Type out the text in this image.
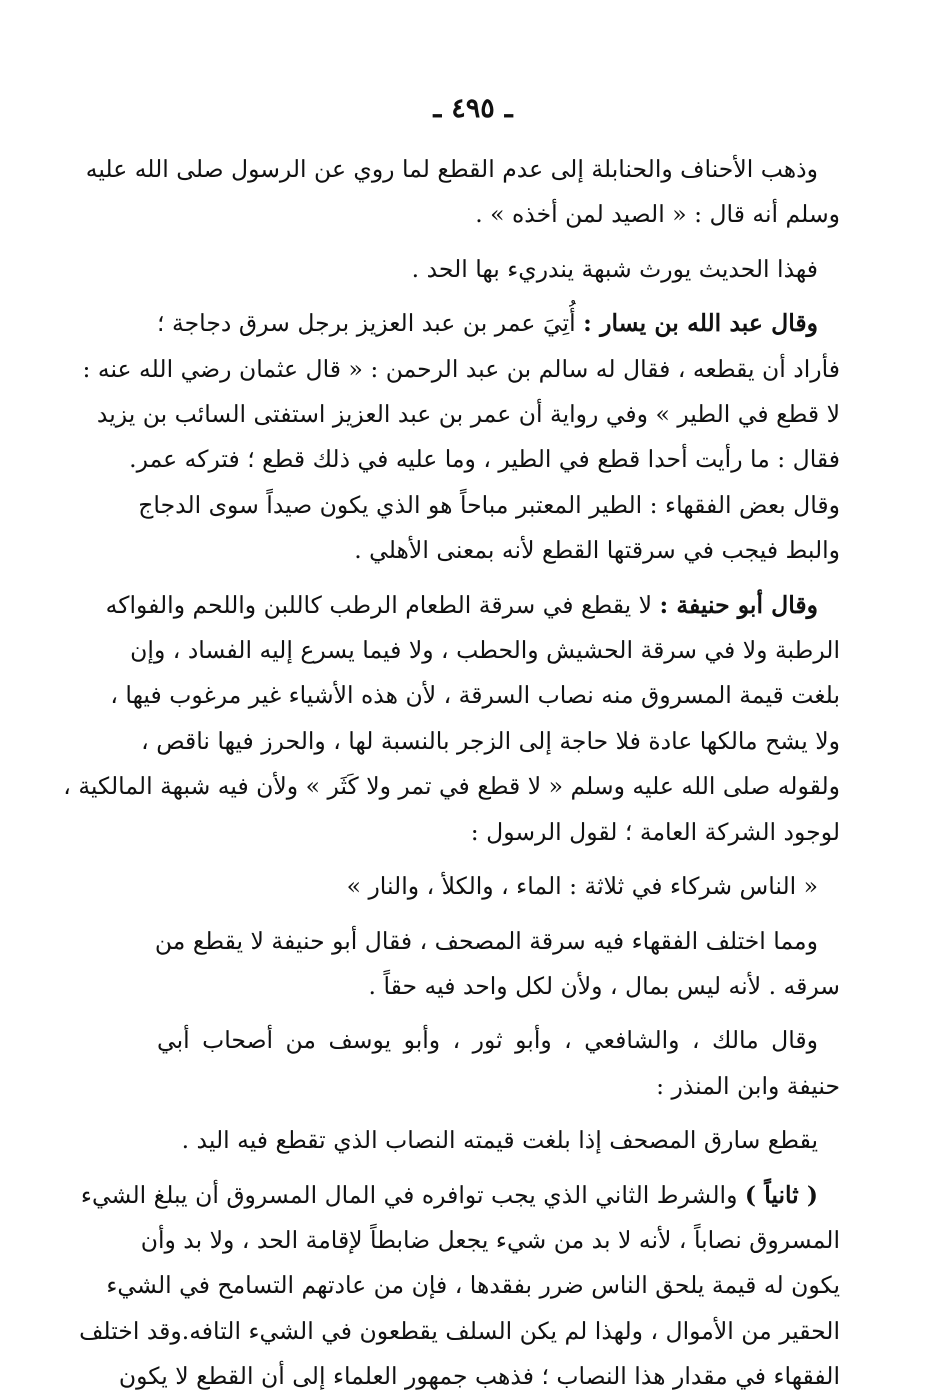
ـ٤٩٥ـ
وذهب الأحناف والحنابلة إلى عدم القطع لما روي عن الرسول صلى الله عليه
وسلم أنه قال : « الصيد لمن أخذه » .
فهذا الحديث يورث شبهة يندريء بها الحد .
وقال عبد الله بن يسار : أُتِيَ عمر بن عبد العزيز برجل سرق دجاجة ؛
فأراد أن يقطعه ، فقال له سالم بن عبد الرحمن : « قال عثمان رضي الله عنه :
لا قطع في الطير » وفي رواية أن عمر بن عبد العزيز استفتى السائب بن يزيد
فقال : ما رأيت أحدا قطع في الطير ، وما عليه في ذلك قطع ؛ فتركه عمر.
وقال بعض الفقهاء : الطير المعتبر مباحاً هو الذي يكون صيداً سوى الدجاج
والبط فيجب في سرقتها القطع لأنه بمعنى الأهلي .
وقال أبو حنيفة : لا يقطع في سرقة الطعام الرطب كاللبن واللحم والفواكه
الرطبة ولا في سرقة الحشيش والحطب ، ولا فيما يسرع إليه الفساد ، وإن
بلغت قيمة المسروق منه نصاب السرقة ، لأن هذه الأشياء غير مرغوب فيها ،
ولا يشح مالكها عادة فلا حاجة إلى الزجر بالنسبة لها ، والحرز فيها ناقص ،
ولقوله صلى الله عليه وسلم « لا قطع في تمر ولا كَثَر » ولأن فيه شبهة المالكية ،
لوجود الشركة العامة ؛ لقول الرسول :
« الناس شركاء في ثلاثة : الماء ، والكلأ ، والنار »
ومما اختلف الفقهاء فيه سرقة المصحف ، فقال أبو حنيفة لا يقطع من
سرقه . لأنه ليس بمال ، ولأن لكل واحد فيه حقاً .
وقال مالك ، والشافعي ، وأبو ثور ، وأبو يوسف من أصحاب أبي
حنيفة وابن المنذر :
يقطع سارق المصحف إذا بلغت قيمته النصاب الذي تقطع فيه اليد .
( ثانياً ) والشرط الثاني الذي يجب توافره في المال المسروق أن يبلغ الشيء
المسروق نصاباً ، لأنه لا بد من شيء يجعل ضابطاً لإقامة الحد ، ولا بد وأن
يكون له قيمة يلحق الناس ضرر بفقدها ، فإن من عادتهم التسامح في الشيء
الحقير من الأموال ، ولهذا لم يكن السلف يقطعون في الشيء التافه.وقد اختلف
الفقهاء في مقدار هذا النصاب ؛ فذهب جمهور العلماء إلى أن القطع لا يكون
